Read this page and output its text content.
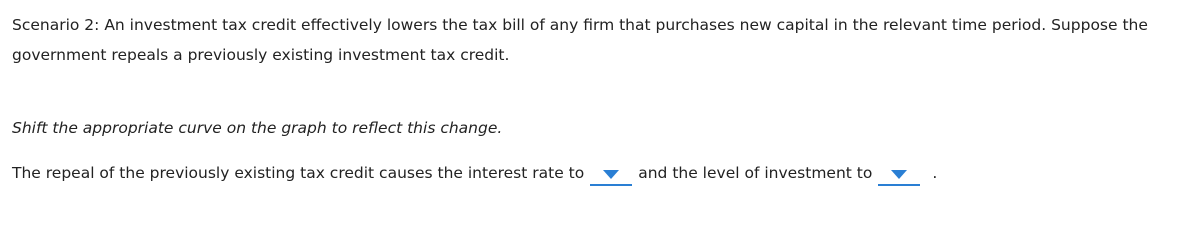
Scenario 2: An investment tax credit effectively lowers the tax bill of any firm that purchases new capital in the relevant time period. Suppose the government repeals a previously existing investment tax credit.

Shift the appropriate curve on the graph to reflect this change.

The repeal of the previously existing tax credit causes the interest rate to	and the level of investment to	.
